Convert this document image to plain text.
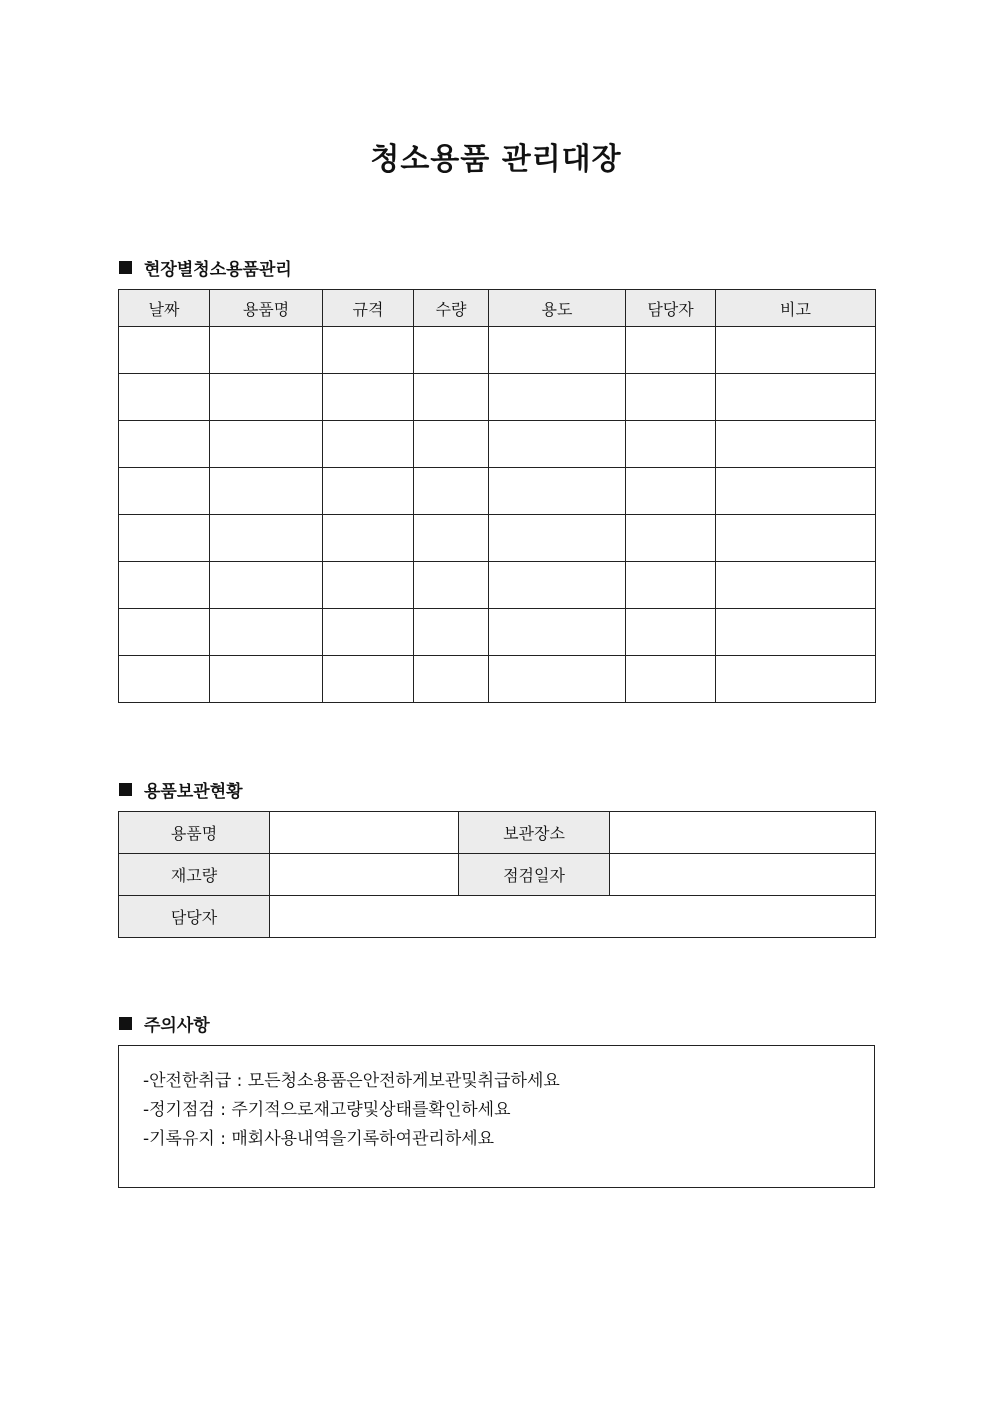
청소용품 관리대장
현장별청소용품관리
날짜	용품명	규격	수량	용도	담당자	비고

용품보관현황
용품명		보관장소	
재고량		점검일자	
담당자			
주의사항
-안전한취급 : 모든청소용품은안전하게보관및취급하세요
-정기점검 : 주기적으로재고량및상태를확인하세요
-기록유지 : 매회사용내역을기록하여관리하세요
